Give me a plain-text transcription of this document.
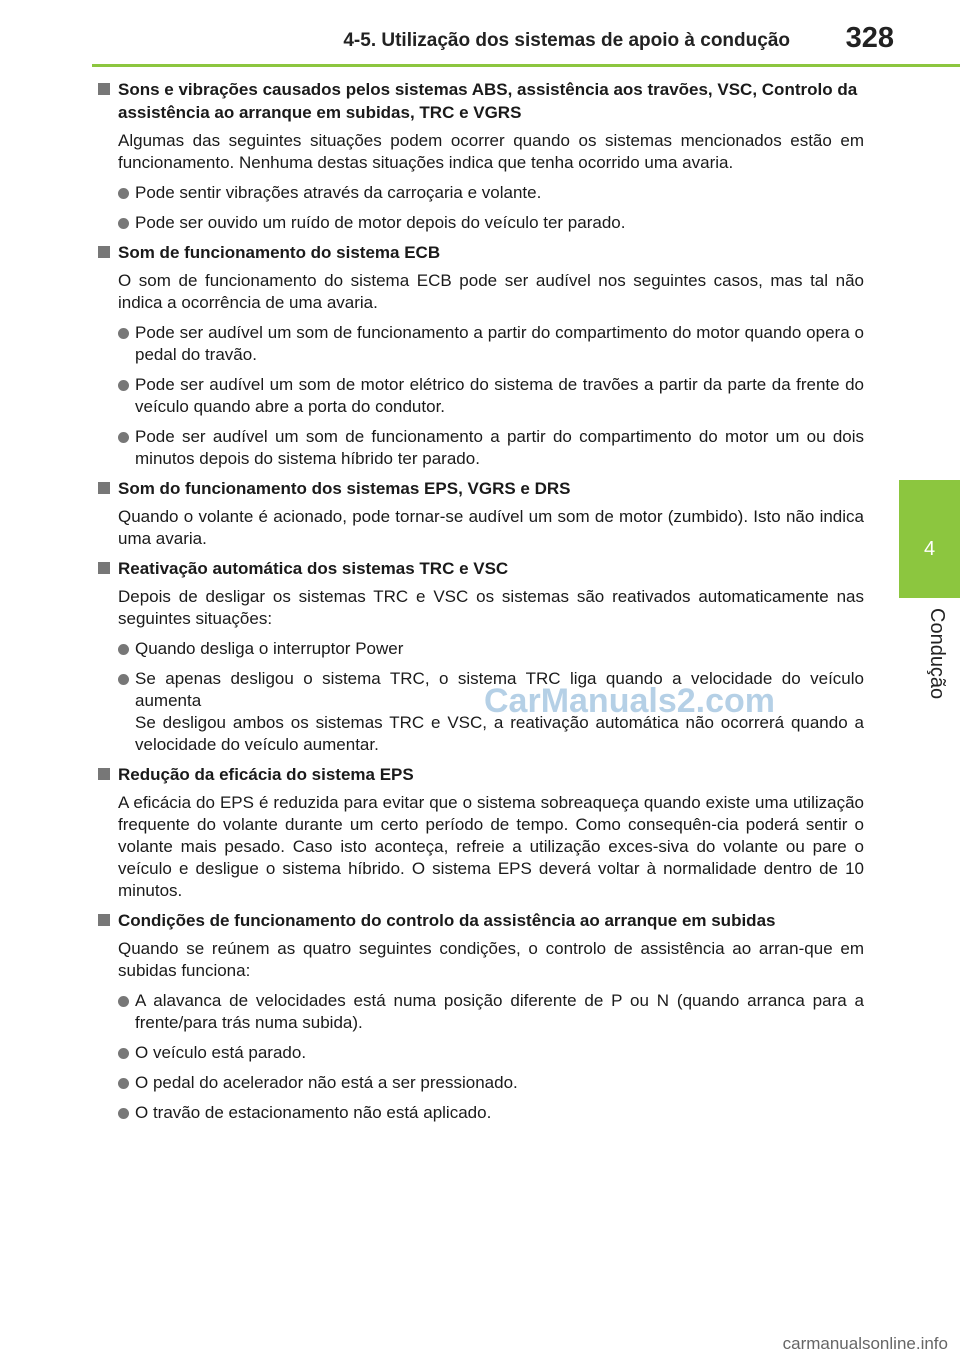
4-5. Utilização dos sistemas de apoio à condução 328
4
Condução
Sons e vibrações causados pelos sistemas ABS, assistência aos travões, VSC, Controlo da assistência ao arranque em subidas, TRC e VGRS
Algumas das seguintes situações podem ocorrer quando os sistemas mencionados estão em funcionamento. Nenhuma destas situações indica que tenha ocorrido uma avaria.
Pode sentir vibrações através da carroçaria e volante.
Pode ser ouvido um ruído de motor depois do veículo ter parado.
Som de funcionamento do sistema ECB
O som de funcionamento do sistema ECB pode ser audível nos seguintes casos, mas tal não indica a ocorrência de uma avaria.
Pode ser audível um som de funcionamento a partir do compartimento do motor quando opera o pedal do travão.
Pode ser audível um som de motor elétrico do sistema de travões a partir da parte da frente do veículo quando abre a porta do condutor.
Pode ser audível um som de funcionamento a partir do compartimento do motor um ou dois minutos depois do sistema híbrido ter parado.
Som do funcionamento dos sistemas EPS, VGRS e DRS
Quando o volante é acionado, pode tornar-se audível um som de motor (zumbido). Isto não indica uma avaria.
Reativação automática dos sistemas TRC e VSC
Depois de desligar os sistemas TRC e VSC os sistemas são reativados automaticamente nas seguintes situações:
Quando desliga o interruptor Power
Se apenas desligou o sistema TRC, o sistema TRC liga quando a velocidade do veículo aumenta
Se desligou ambos os sistemas TRC e VSC, a reativação automática não ocorrerá quando a velocidade do veículo aumentar.
Redução da eficácia do sistema EPS
A eficácia do EPS é reduzida para evitar que o sistema sobreaqueça quando existe uma utilização frequente do volante durante um certo período de tempo. Como consequên-cia poderá sentir o volante mais pesado. Caso isto aconteça, refreie a utilização exces-siva do volante ou pare o veículo e desligue o sistema híbrido. O sistema EPS deverá voltar à normalidade dentro de 10 minutos.
Condições de funcionamento do controlo da assistência ao arranque em subidas
Quando se reúnem as quatro seguintes condições, o controlo de assistência ao arran-que em subidas funciona:
A alavanca de velocidades está numa posição diferente de P ou N (quando arranca para a frente/para trás numa subida).
O veículo está parado.
O pedal do acelerador não está a ser pressionado.
O travão de estacionamento não está aplicado.
CarManuals2.com
carmanualsonline.info
